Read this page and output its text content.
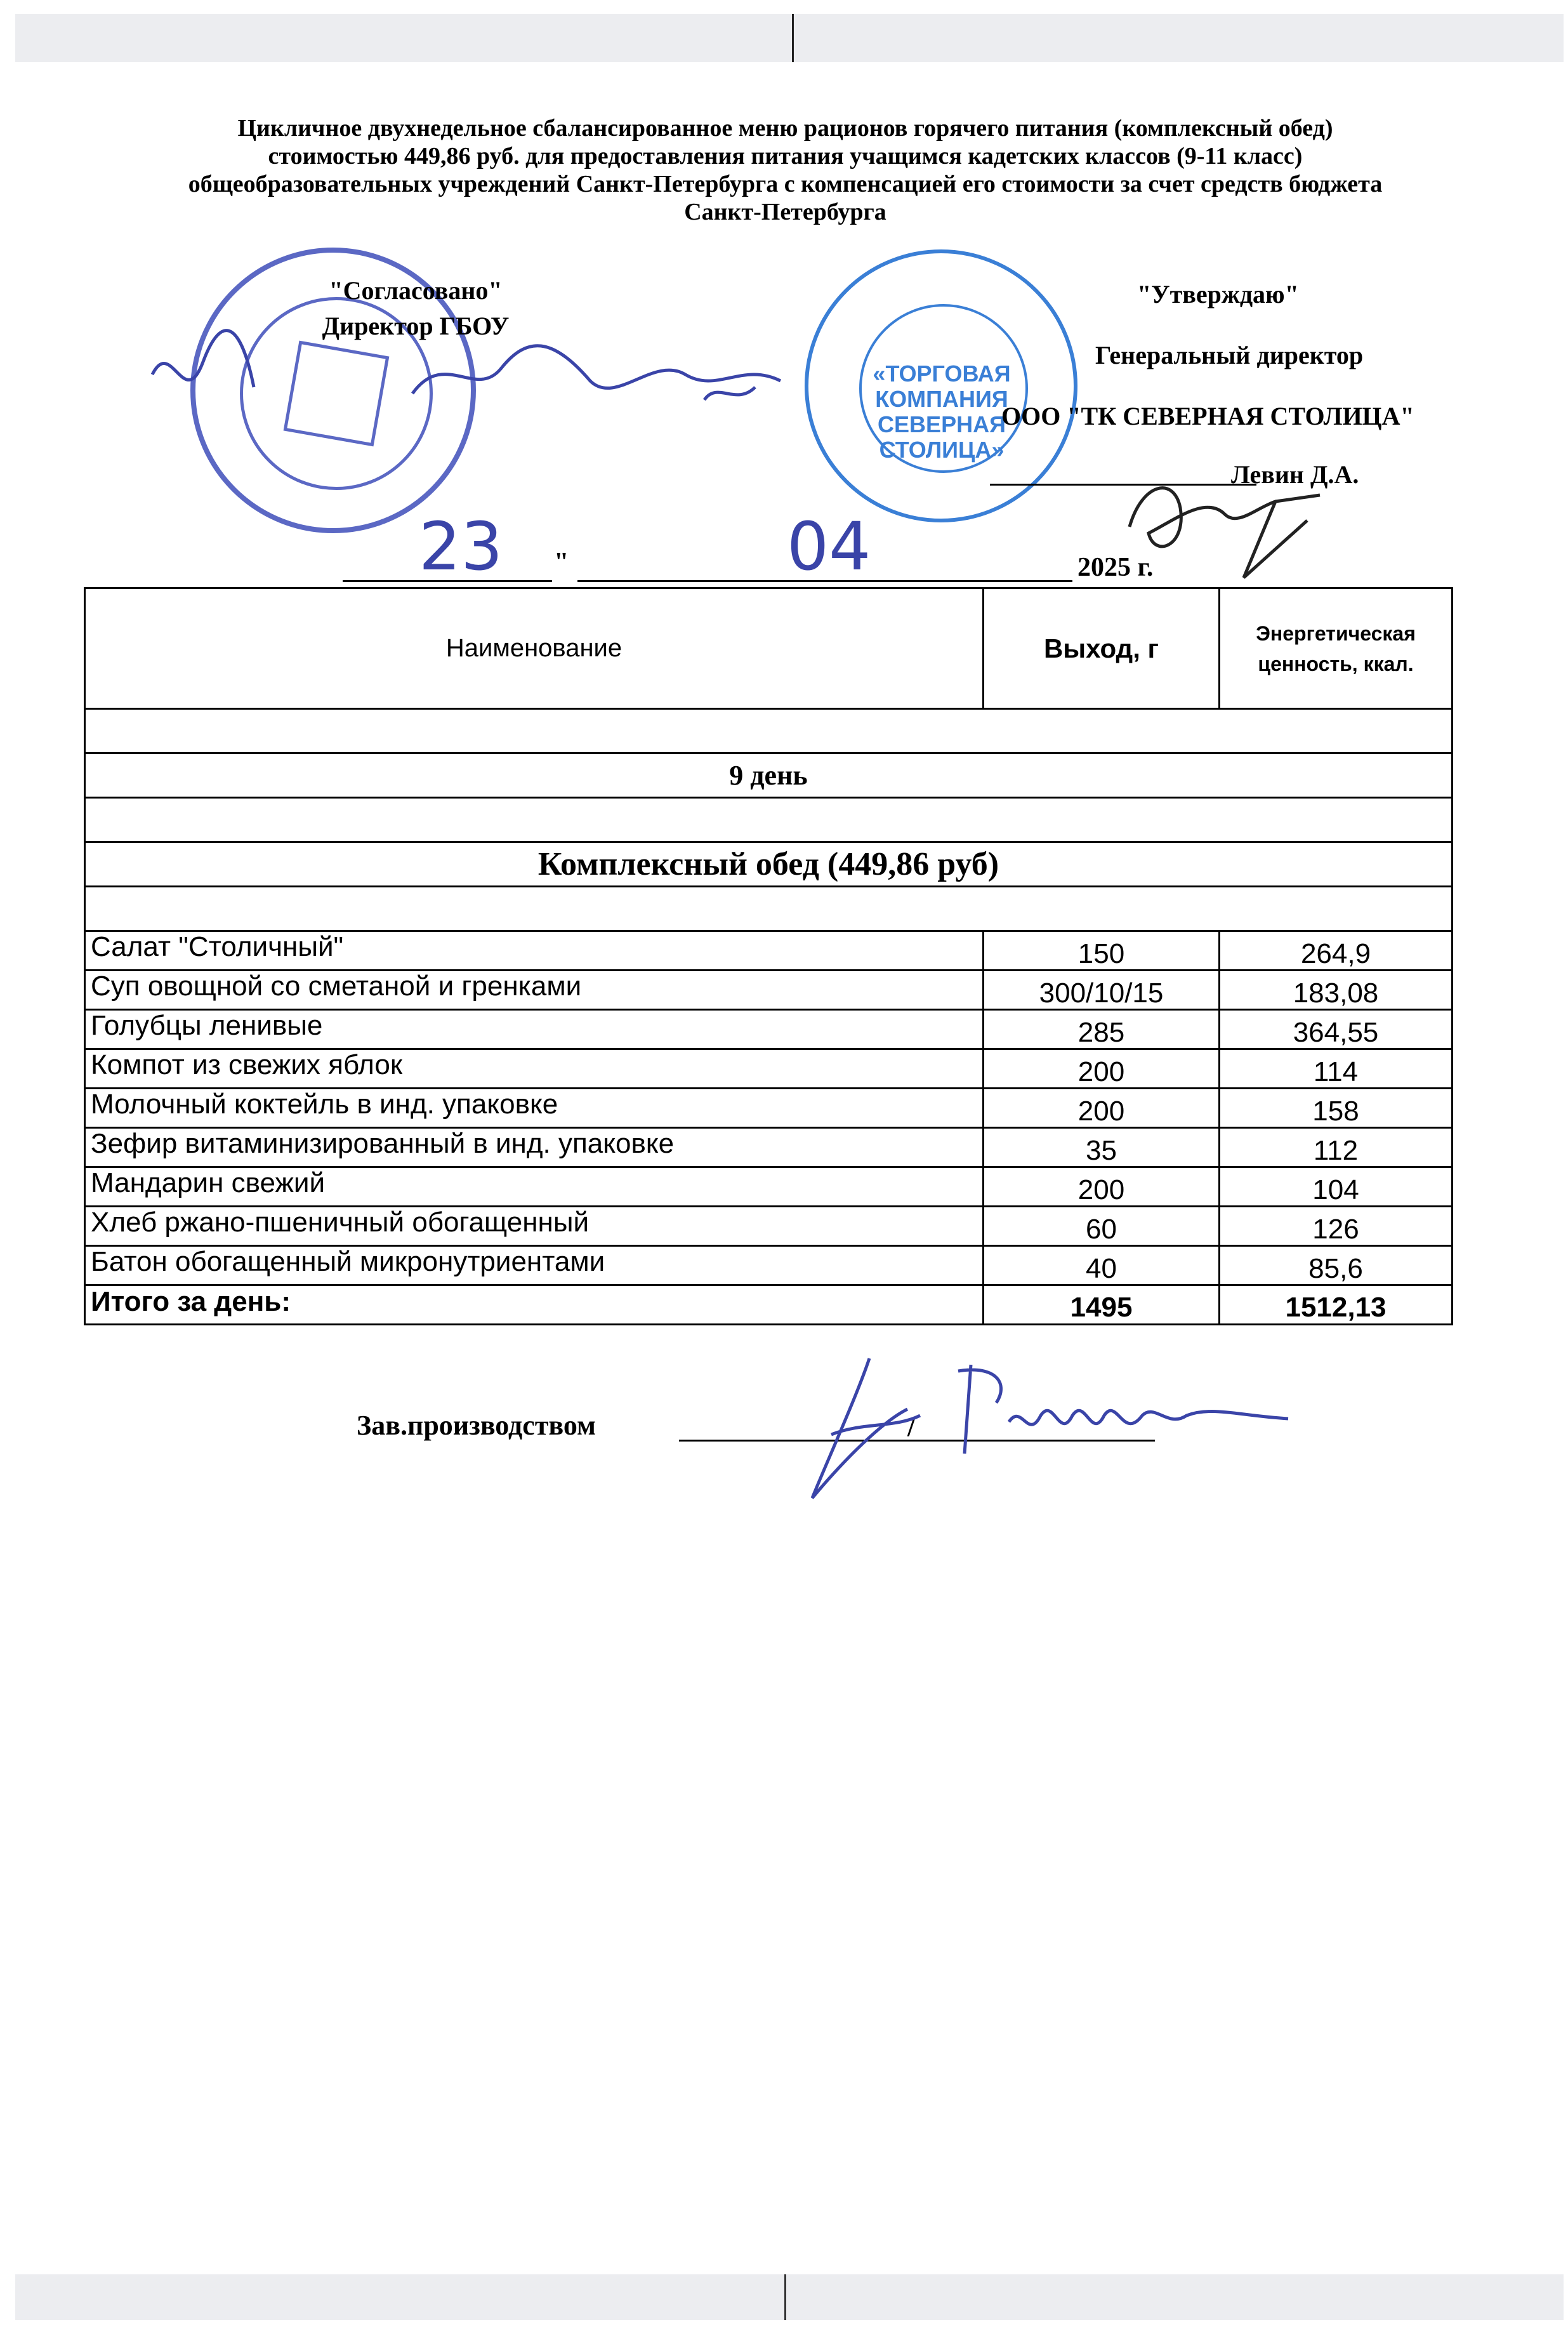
Цикличное двухнедельное сбалансированное меню рационов горячего питания (комплексный обед)
стоимостью 449,86 руб. для предоставления питания учащимся кадетских классов (9-11 класс)
общеобразовательных учреждений Санкт-Петербурга с компенсацией его стоимости за счет средств бюджета
Санкт-Петербурга
"Согласовано"
Директор ГБОУ
«ТОРГОВАЯ
КОМПАНИЯ
СЕВЕРНАЯ
СТОЛИЦА»
"Утверждаю"
Генеральный директор
ООО "ТК СЕВЕРНАЯ СТОЛИЦА"
Левин Д.А.
23 "	04	2025 г.
Наименование	Выход, г	Энергетическая
ценность, ккал.

9 день		

Комплексный обед (449,86 руб)		

Салат "Столичный"	150	264,9
Суп овощной со сметаной и гренками	300/10/15	183,08
Голубцы ленивые	285	364,55
Компот из свежих яблок	200	114
Молочный коктейль в инд. упаковке	200	158
Зефир витаминизированный в инд. упаковке	35	112
Мандарин свежий	200	104
Хлеб ржано-пшеничный обогащенный	60	126
Батон обогащенный микронутриентами	40	85,6
Итого за день:	1495	1512,13
Зав.производством	/
